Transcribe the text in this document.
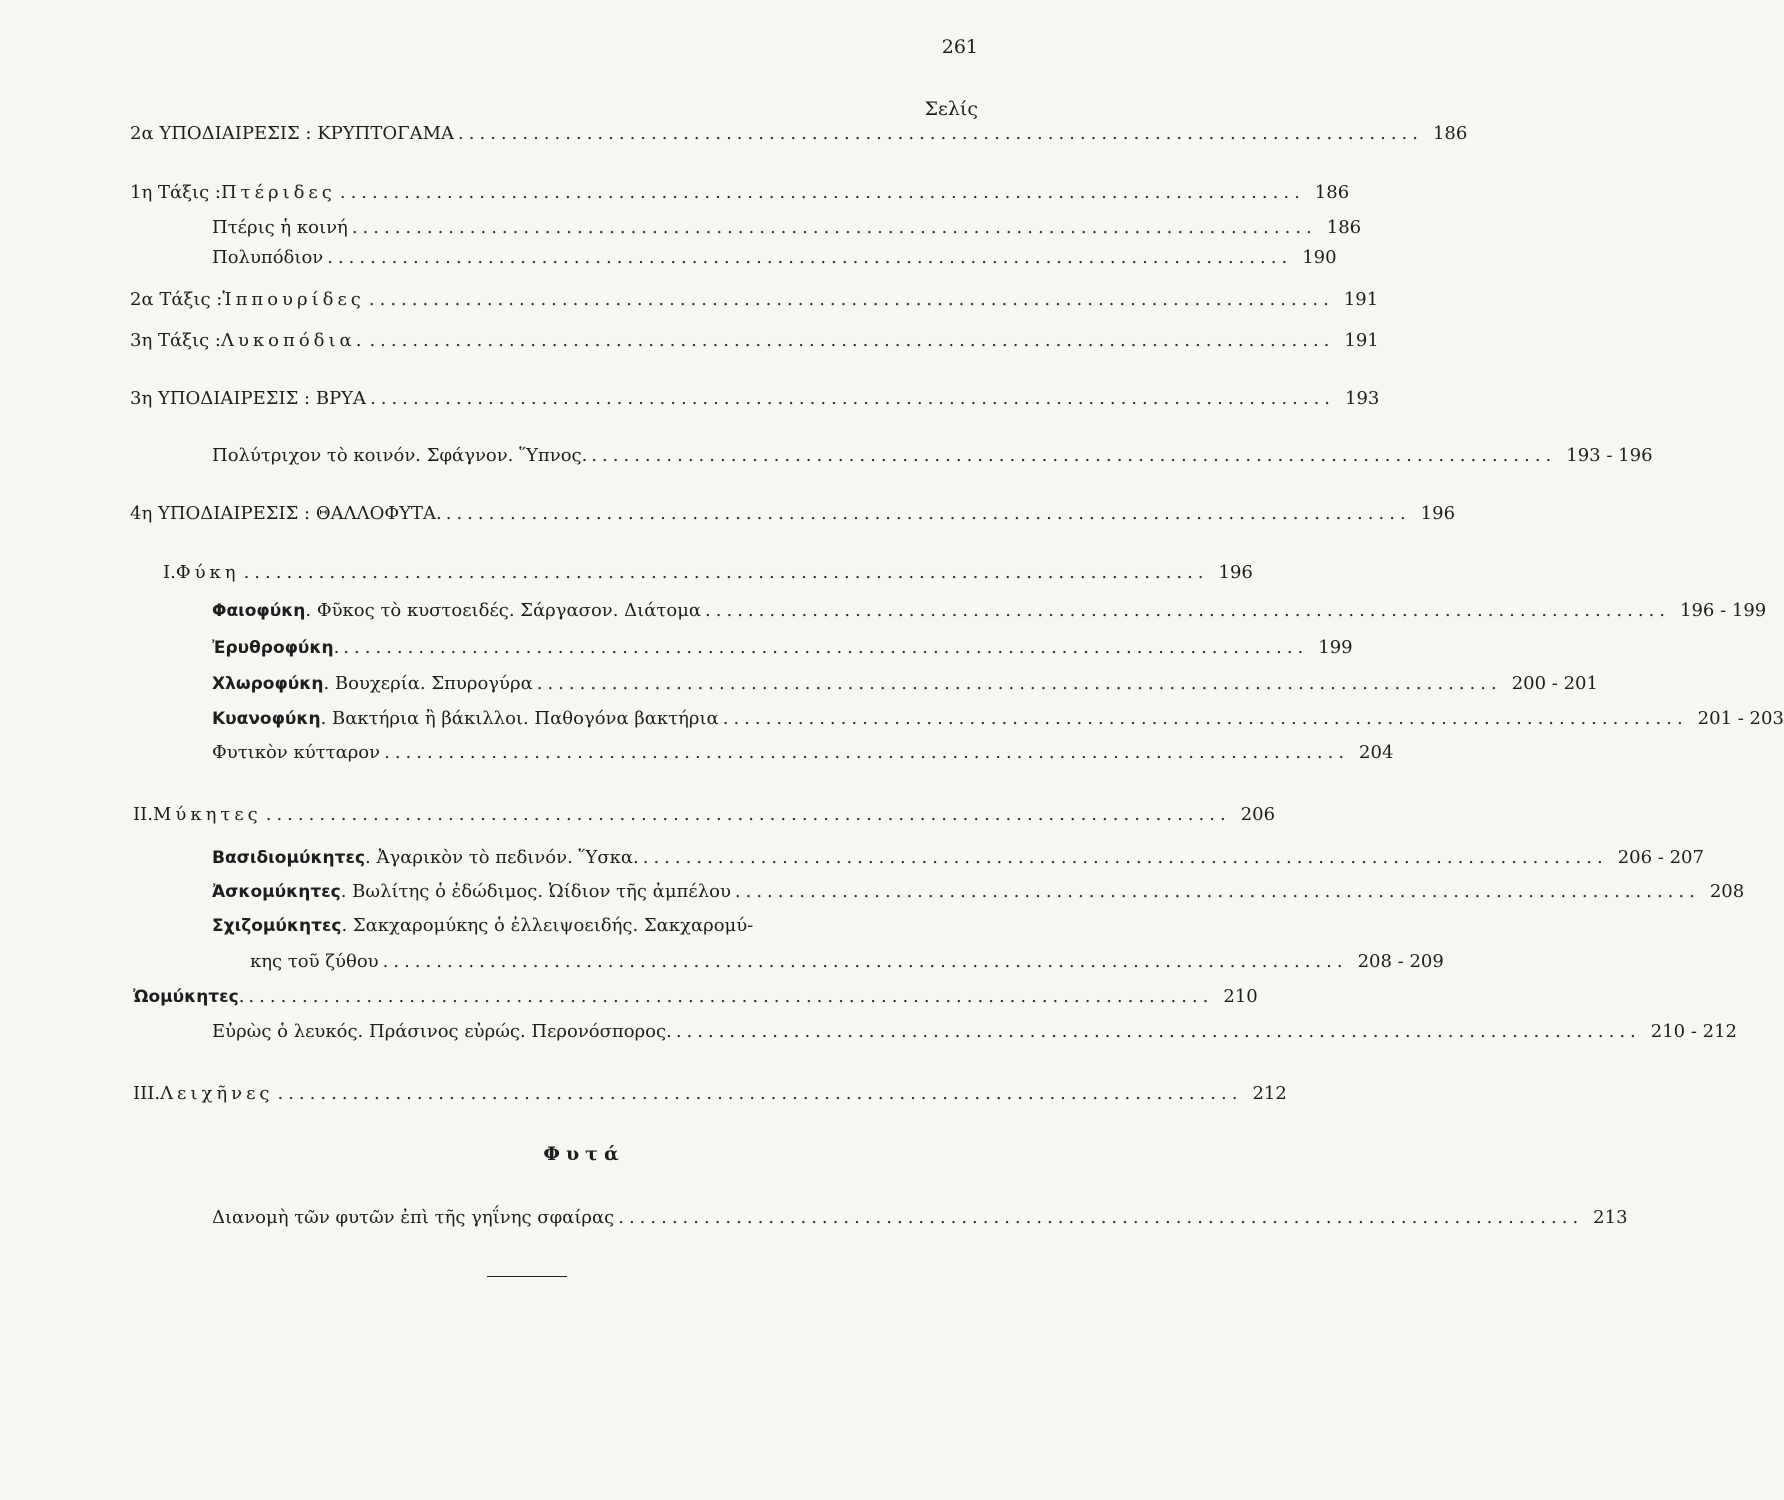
261
Σελίς
2α ΥΠΟΔΙΑΙΡΕΣΙΣ : ΚΡΥΠΤΟΓΑΜΑ .......................................................................................... 186
1η Τάξις : Πτέριδες .......................................................................................... 186
Πτέρις ἡ κοινή .......................................................................................... 186
Πολυπόδιον .......................................................................................... 190
2α Τάξις : Ἱππουρίδες .......................................................................................... 191
3η Τάξις : Λυκοπόδια. .......................................................................................... 191
3η ΥΠΟΔΙΑΙΡΕΣΙΣ : ΒΡΥΑ .......................................................................................... 193
Πολύτριχον τὸ κοινόν. Σφάγνον. Ὕπνος. .......................................................................................... 193 - 196
4η ΥΠΟΔΙΑΙΡΕΣΙΣ : ΘΑΛΛΟΦΥΤΑ. .......................................................................................... 196
I. Φύκη .......................................................................................... 196
Φαιοφύκη . Φῦκος τὸ κυστοειδές. Σάργασον. Διάτομα .......................................................................................... 196 - 199
Ἐρυθροφύκη . .......................................................................................... 199
Χλωροφύκη . Βουχερία. Σπυρογύρα .......................................................................................... 200 - 201
Κυανοφύκη . Βακτήρια ἢ βάκιλλοι. Παθογόνα βακτήρια .......................................................................................... 201 - 203
Φυτικὸν κύτταρον .......................................................................................... 204
II. Μύκητες .......................................................................................... 206
Βασιδιομύκητες . Ἀγαρικὸν τὸ πεδινόν. Ὕσκα. .......................................................................................... 206 - 207
Ἀσκομύκητες . Βωλίτης ὁ ἐδώδιμος. Ὠίδιον τῆς ἀμπέλου .......................................................................................... 208
Σχιζομύκητες . Σακχαρομύκης ὁ ἐλλειψοειδής. Σακχαρομύ-
κης τοῦ ζύθου .......................................................................................... 208 - 209
Ὠομύκητες . .......................................................................................... 210
Εὐρὼς ὁ λευκός. Πράσινος εὐρώς. Περονόσπορος. .......................................................................................... 210 - 212
III. Λειχῆνες .......................................................................................... 212
Φυτά
Διανομὴ τῶν φυτῶν ἐπὶ τῆς γηΐνης σφαίρας .......................................................................................... 213
